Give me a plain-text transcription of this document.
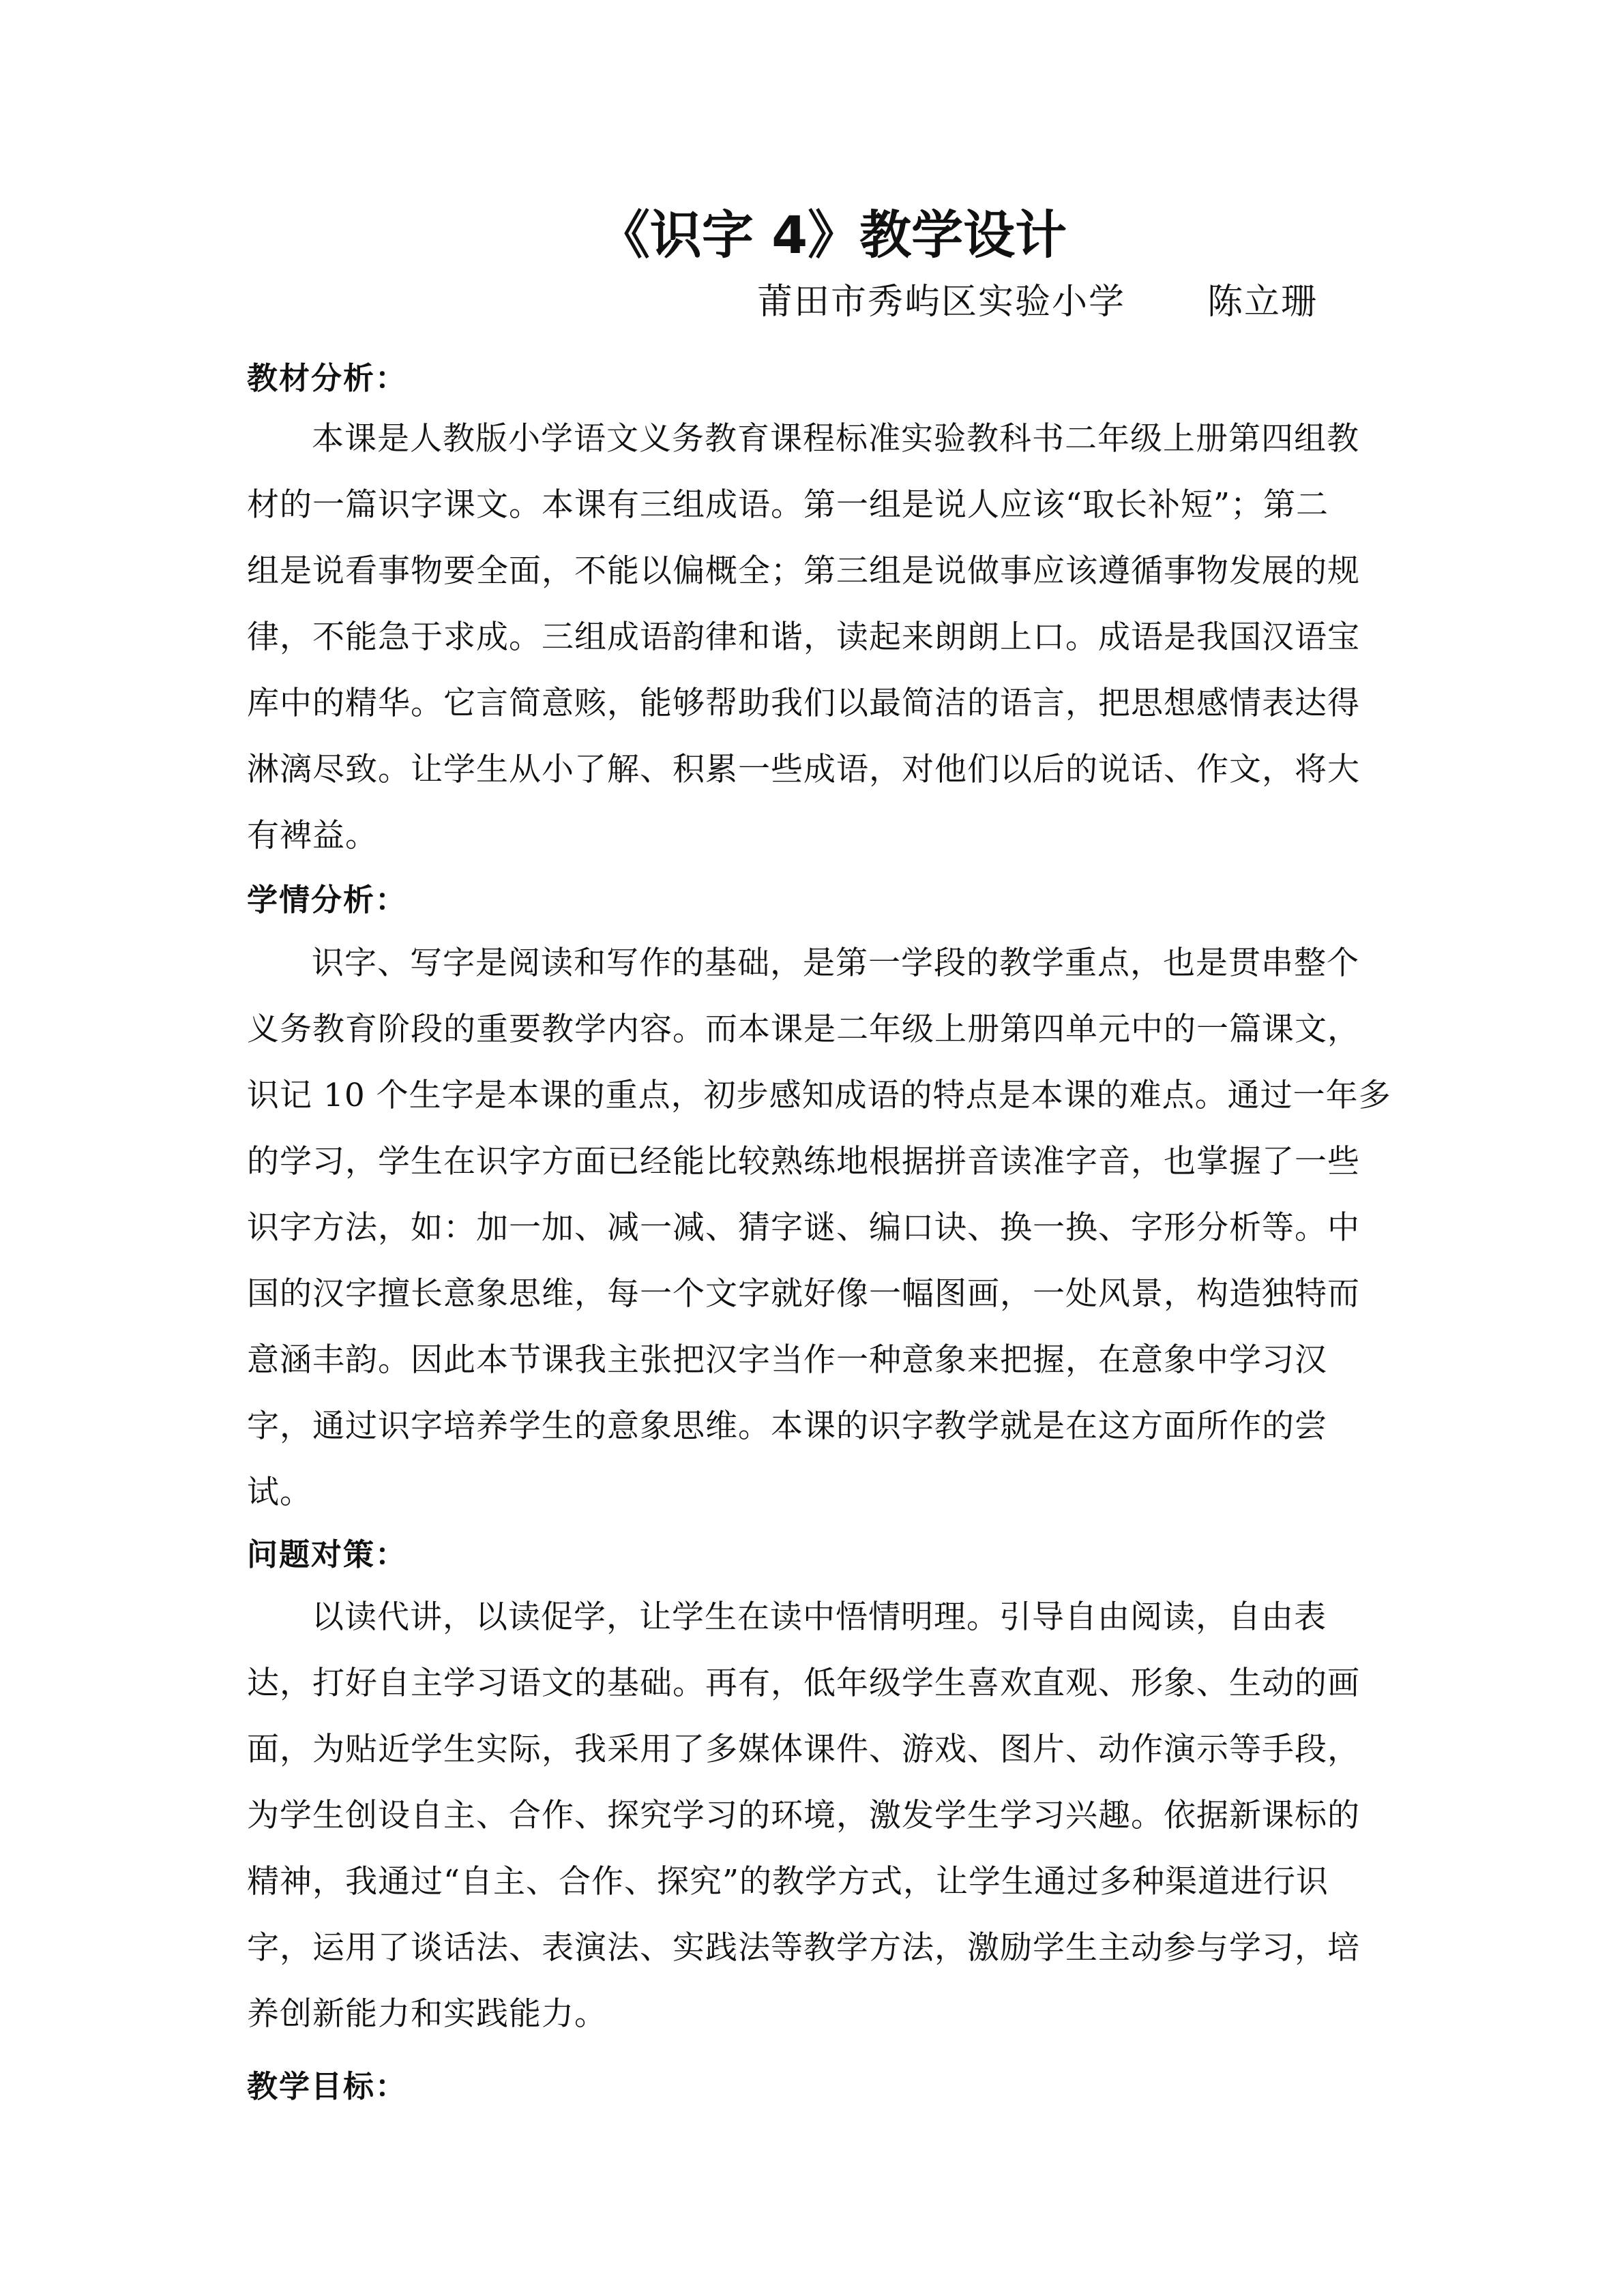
《识字 4》教学设计
莆田市秀屿区实验小学 陈立珊
教材分析：
本课是人教版小学语文义务教育课程标准实验教科书二年级上册第四组教
材的一篇识字课文。本课有三组成语。第一组是说人应该“取长补短”；第二
组是说看事物要全面，不能以偏概全；第三组是说做事应该遵循事物发展的规
律，不能急于求成。三组成语韵律和谐，读起来朗朗上口。成语是我国汉语宝
库中的精华。它言简意赅，能够帮助我们以最简洁的语言，把思想感情表达得
淋漓尽致。让学生从小了解、积累一些成语，对他们以后的说话、作文，将大
有裨益。
学情分析：
识字、写字是阅读和写作的基础，是第一学段的教学重点，也是贯串整个
义务教育阶段的重要教学内容。而本课是二年级上册第四单元中的一篇课文，
识记 10 个生字是本课的重点，初步感知成语的特点是本课的难点。通过一年多
的学习，学生在识字方面已经能比较熟练地根据拼音读准字音，也掌握了一些
识字方法，如：加一加、减一减、猜字谜、编口诀、换一换、字形分析等。中
国的汉字擅长意象思维，每一个文字就好像一幅图画，一处风景，构造独特而
意涵丰韵。因此本节课我主张把汉字当作一种意象来把握，在意象中学习汉
字，通过识字培养学生的意象思维。本课的识字教学就是在这方面所作的尝
试。
问题对策：
以读代讲，以读促学，让学生在读中悟情明理。引导自由阅读，自由表
达，打好自主学习语文的基础。再有，低年级学生喜欢直观、形象、生动的画
面，为贴近学生实际，我采用了多媒体课件、游戏、图片、动作演示等手段，
为学生创设自主、合作、探究学习的环境，激发学生学习兴趣。依据新课标的
精神，我通过“自主、合作、探究”的教学方式，让学生通过多种渠道进行识
字，运用了谈话法、表演法、实践法等教学方法，激励学生主动参与学习，培
养创新能力和实践能力。
教学目标：
